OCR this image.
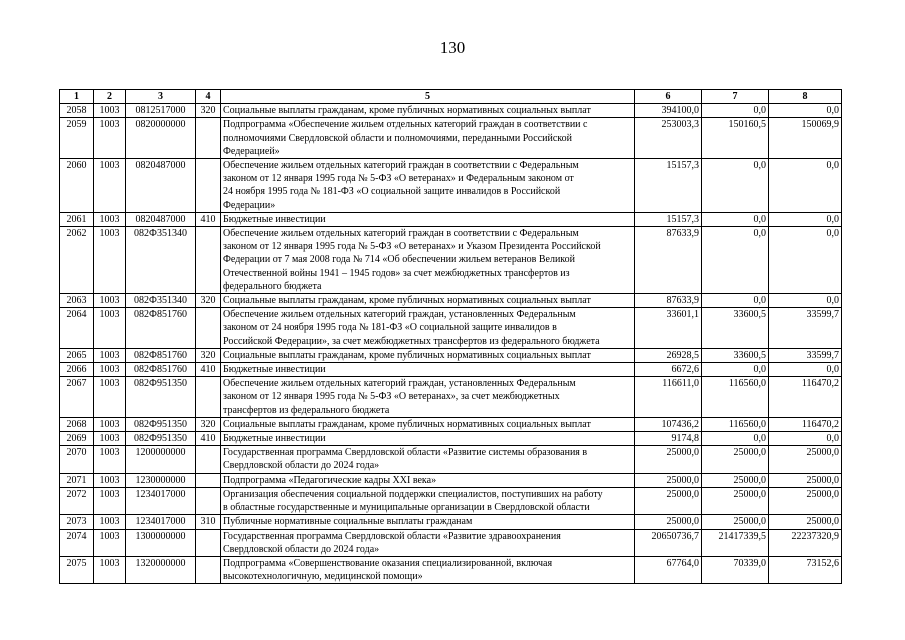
130
1	2	3	4	5	6	7	8
2058	1003	0812517000	320	Социальные выплаты гражданам, кроме публичных нормативных социальных выплат	394100,0	0,0	0,0
2059	1003	0820000000		Подпрограмма «Обеспечение жильем отдельных категорий граждан в соответствии с
полномочиями Свердловской области и полномочиями, переданными Российской
Федерацией»	253003,3	150160,5	150069,9
2060	1003	0820487000		Обеспечение жильем отдельных категорий граждан в соответствии с Федеральным
законом от 12 января 1995 года № 5-ФЗ «О ветеранах» и Федеральным законом от
24 ноября 1995 года № 181-ФЗ «О социальной защите инвалидов в Российской
Федерации»	15157,3	0,0	0,0
2061	1003	0820487000	410	Бюджетные инвестиции	15157,3	0,0	0,0
2062	1003	082Ф351340		Обеспечение жильем отдельных категорий граждан в соответствии с Федеральным
законом от 12 января 1995 года № 5-ФЗ «О ветеранах» и Указом Президента Российской
Федерации от 7 мая 2008 года № 714 «Об обеспечении жильем ветеранов Великой
Отечественной войны 1941 – 1945 годов» за счет межбюджетных трансфертов из
федерального бюджета	87633,9	0,0	0,0
2063	1003	082Ф351340	320	Социальные выплаты гражданам, кроме публичных нормативных социальных выплат	87633,9	0,0	0,0
2064	1003	082Ф851760		Обеспечение жильем отдельных категорий граждан, установленных Федеральным
законом от 24 ноября 1995 года № 181-ФЗ «О социальной защите инвалидов в
Российской Федерации», за счет межбюджетных трансфертов из федерального бюджета	33601,1	33600,5	33599,7
2065	1003	082Ф851760	320	Социальные выплаты гражданам, кроме публичных нормативных социальных выплат	26928,5	33600,5	33599,7
2066	1003	082Ф851760	410	Бюджетные инвестиции	6672,6	0,0	0,0
2067	1003	082Ф951350		Обеспечение жильем отдельных категорий граждан, установленных Федеральным
законом от 12 января 1995 года № 5-ФЗ «О ветеранах», за счет межбюджетных
трансфертов из федерального бюджета	116611,0	116560,0	116470,2
2068	1003	082Ф951350	320	Социальные выплаты гражданам, кроме публичных нормативных социальных выплат	107436,2	116560,0	116470,2
2069	1003	082Ф951350	410	Бюджетные инвестиции	9174,8	0,0	0,0
2070	1003	1200000000		Государственная программа Свердловской области «Развитие системы образования в
Свердловской области до 2024 года»	25000,0	25000,0	25000,0
2071	1003	1230000000		Подпрограмма «Педагогические кадры XXI века»	25000,0	25000,0	25000,0
2072	1003	1234017000		Организация обеспечения социальной поддержки специалистов, поступивших на работу
в областные государственные и муниципальные организации в Свердловской области	25000,0	25000,0	25000,0
2073	1003	1234017000	310	Публичные нормативные социальные выплаты гражданам	25000,0	25000,0	25000,0
2074	1003	1300000000		Государственная программа Свердловской области «Развитие здравоохранения
Свердловской области до 2024 года»	20650736,7	21417339,5	22237320,9
2075	1003	1320000000		Подпрограмма «Совершенствование оказания специализированной, включая
высокотехнологичную, медицинской помощи»	67764,0	70339,0	73152,6
